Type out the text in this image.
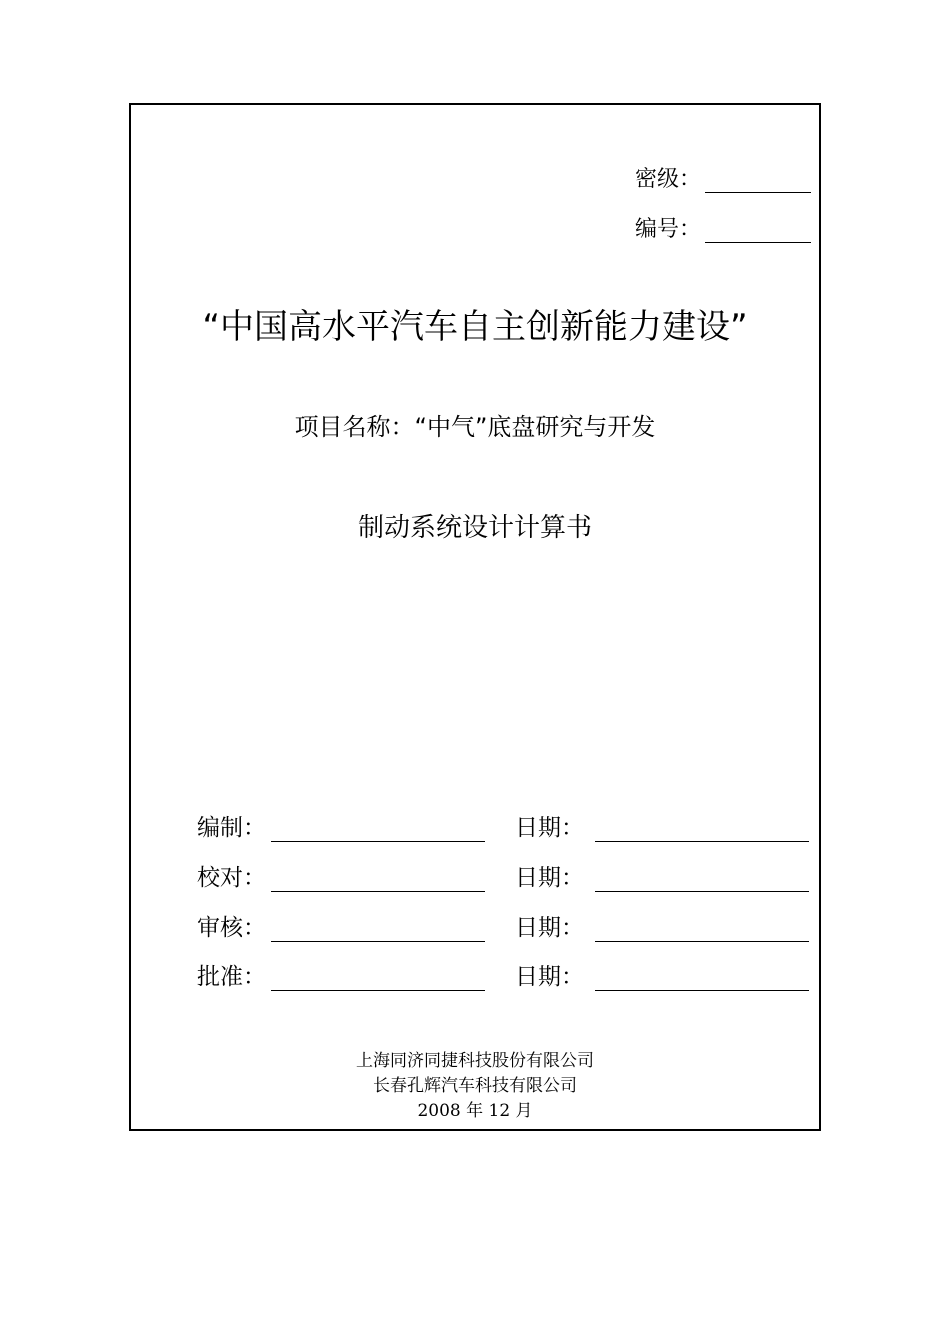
密级：
编号：
“中国高水平汽车自主创新能力建设”
项目名称：“中气”底盘研究与开发
制动系统设计计算书
编制：	日期：
校对：	日期：
审核：	日期：
批准：	日期：
上海同济同捷科技股份有限公司
长春孔辉汽车科技有限公司
2008 年 12 月
